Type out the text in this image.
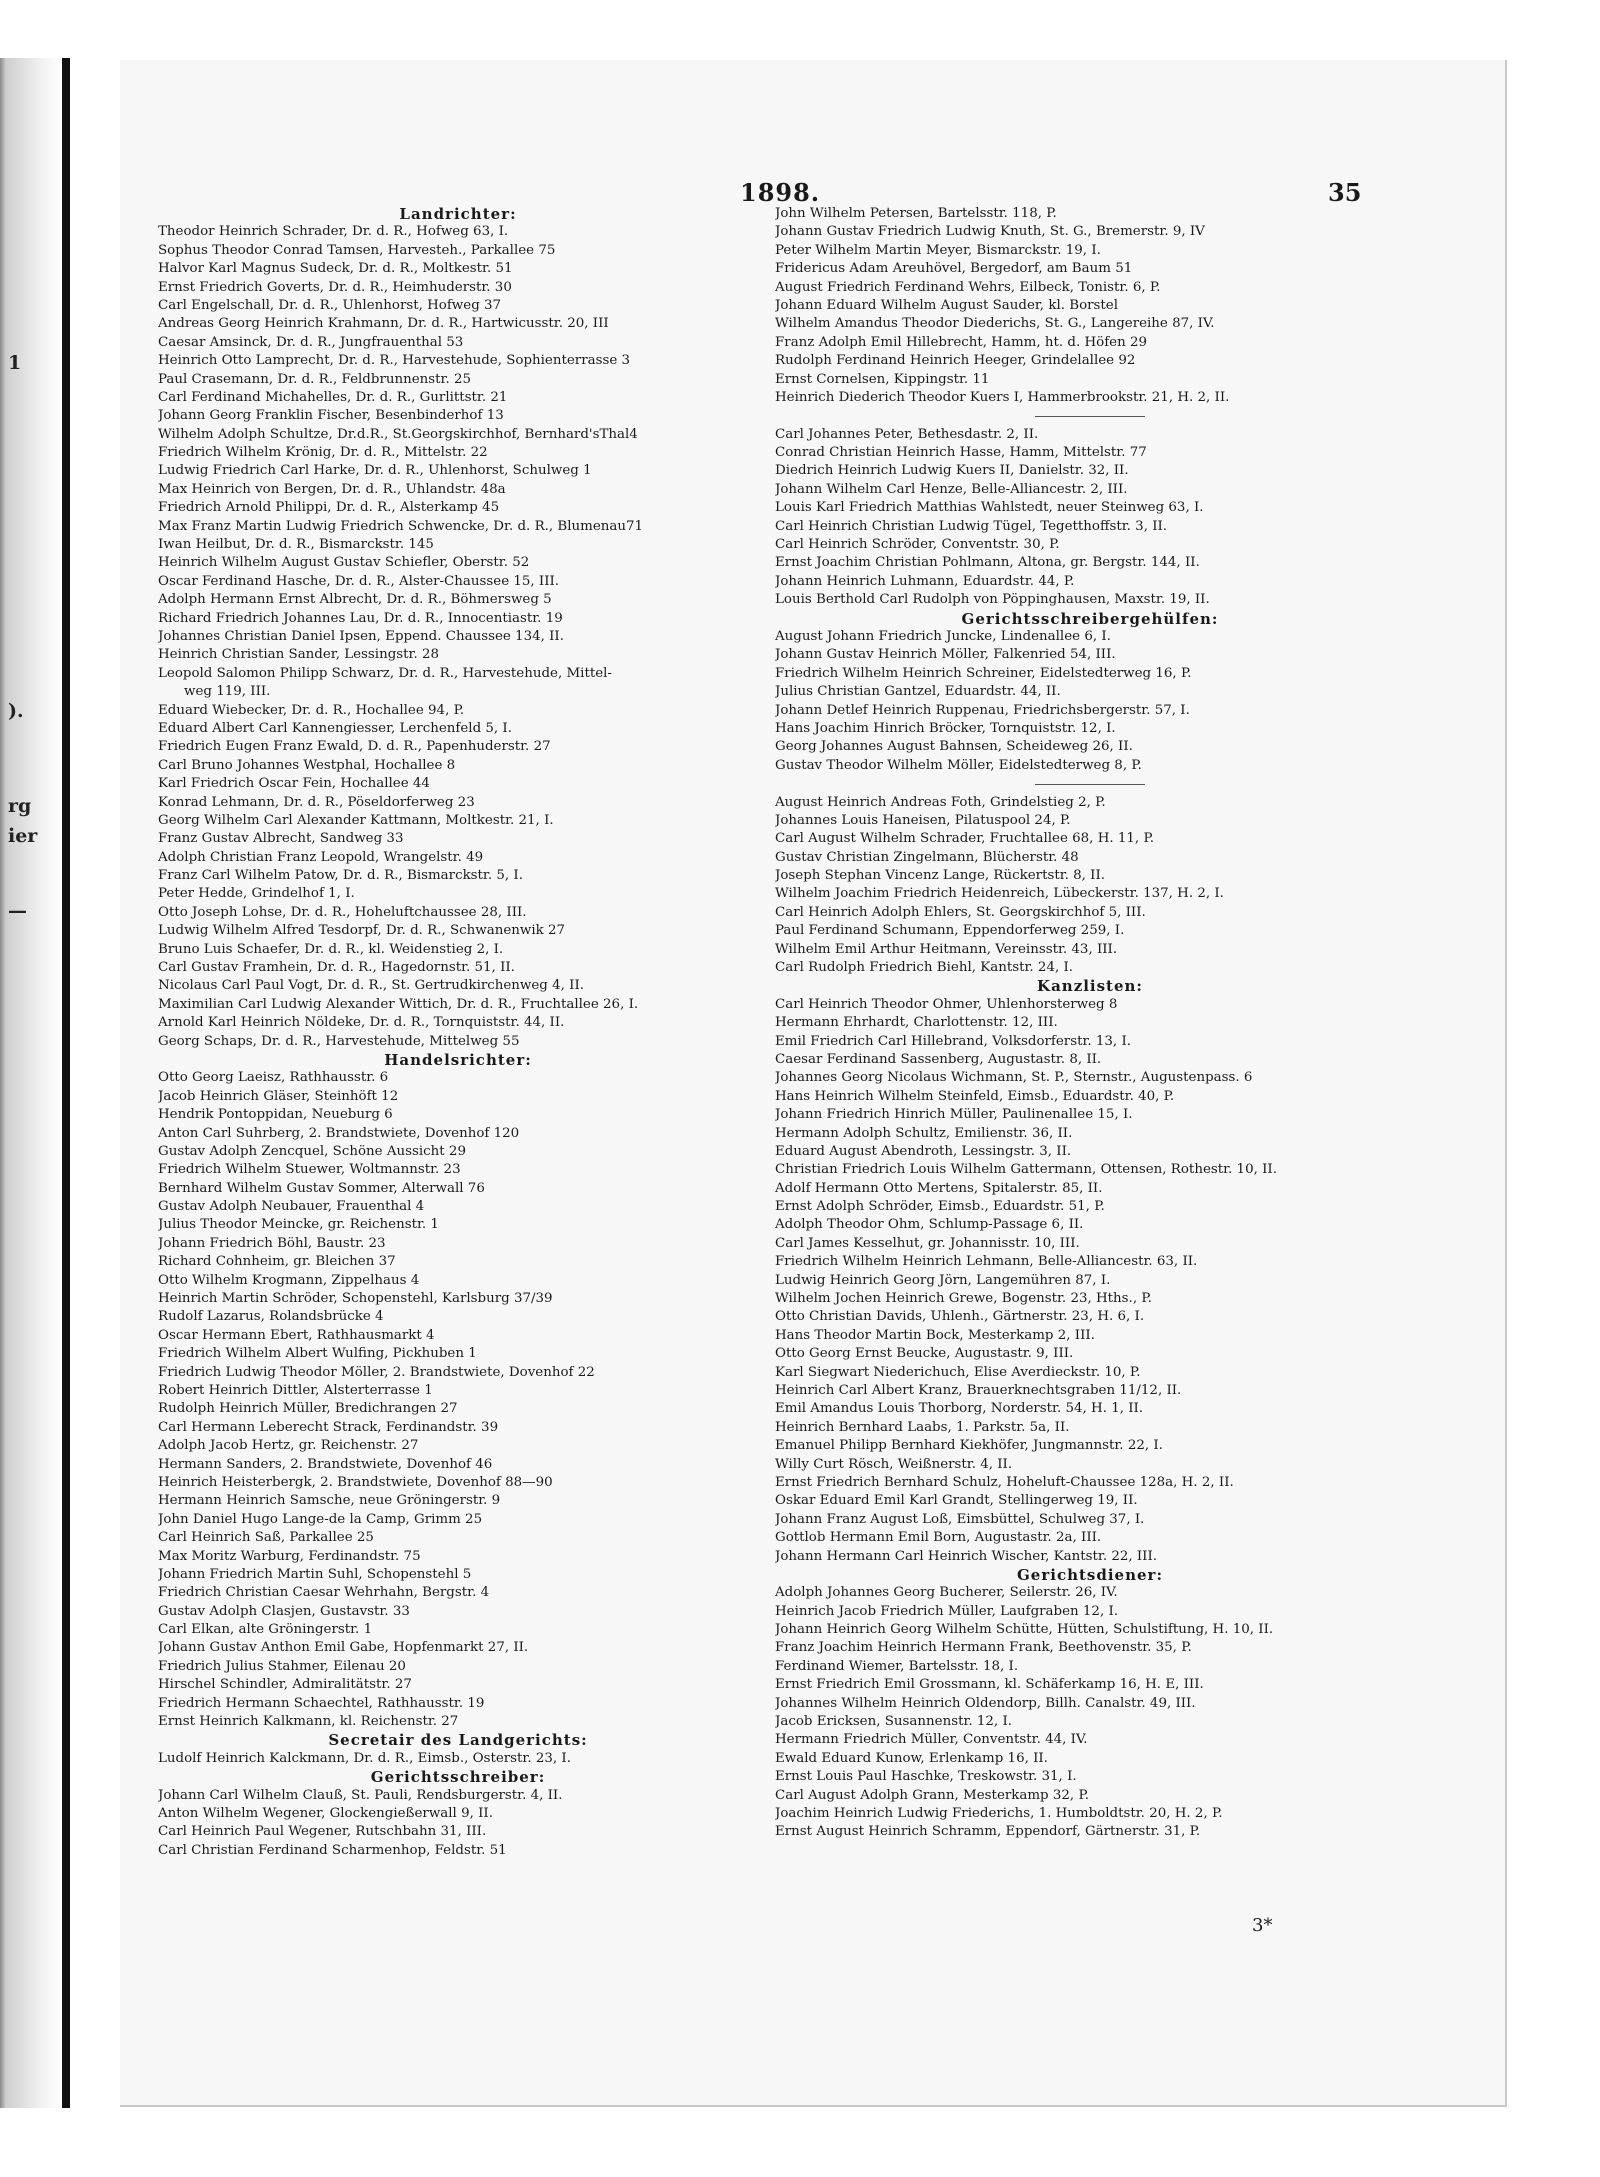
1
).
rg
ier
—
1898.	35
Landrichter:
Theodor Heinrich Schrader, Dr. d. R., Hofweg 63, I.
Sophus Theodor Conrad Tamsen, Harvesteh., Parkallee 75
Halvor Karl Magnus Sudeck, Dr. d. R., Moltkestr. 51
Ernst Friedrich Goverts, Dr. d. R., Heimhuderstr. 30
Carl Engelschall, Dr. d. R., Uhlenhorst, Hofweg 37
Andreas Georg Heinrich Krahmann, Dr. d. R., Hartwicusstr. 20, III
Caesar Amsinck, Dr. d. R., Jungfrauenthal 53
Heinrich Otto Lamprecht, Dr. d. R., Harvestehude, Sophienterrasse 3
Paul Crasemann, Dr. d. R., Feldbrunnenstr. 25
Carl Ferdinand Michahelles, Dr. d. R., Gurlittstr. 21
Johann Georg Franklin Fischer, Besenbinderhof 13
Wilhelm Adolph Schultze, Dr.d.R., St.Georgskirchhof, Bernhard'sThal4
Friedrich Wilhelm Krönig, Dr. d. R., Mittelstr. 22
Ludwig Friedrich Carl Harke, Dr. d. R., Uhlenhorst, Schulweg 1
Max Heinrich von Bergen, Dr. d. R., Uhlandstr. 48a
Friedrich Arnold Philippi, Dr. d. R., Alsterkamp 45
Max Franz Martin Ludwig Friedrich Schwencke, Dr. d. R., Blumenau71
Iwan Heilbut, Dr. d. R., Bismarckstr. 145
Heinrich Wilhelm August Gustav Schiefler, Oberstr. 52
Oscar Ferdinand Hasche, Dr. d. R., Alster-Chaussee 15, III.
Adolph Hermann Ernst Albrecht, Dr. d. R., Böhmersweg 5
Richard Friedrich Johannes Lau, Dr. d. R., Innocentiastr. 19
Johannes Christian Daniel Ipsen, Eppend. Chaussee 134, II.
Heinrich Christian Sander, Lessingstr. 28
Leopold Salomon Philipp Schwarz, Dr. d. R., Harvestehude, Mittel-
weg 119, III.
Eduard Wiebecker, Dr. d. R., Hochallee 94, P.
Eduard Albert Carl Kannengiesser, Lerchenfeld 5, I.
Friedrich Eugen Franz Ewald, D. d. R., Papenhuderstr. 27
Carl Bruno Johannes Westphal, Hochallee 8
Karl Friedrich Oscar Fein, Hochallee 44
Konrad Lehmann, Dr. d. R., Pöseldorferweg 23
Georg Wilhelm Carl Alexander Kattmann, Moltkestr. 21, I.
Franz Gustav Albrecht, Sandweg 33
Adolph Christian Franz Leopold, Wrangelstr. 49
Franz Carl Wilhelm Patow, Dr. d. R., Bismarckstr. 5, I.
Peter Hedde, Grindelhof 1, I.
Otto Joseph Lohse, Dr. d. R., Hoheluftchaussee 28, III.
Ludwig Wilhelm Alfred Tesdorpf, Dr. d. R., Schwanenwik 27
Bruno Luis Schaefer, Dr. d. R., kl. Weidenstieg 2, I.
Carl Gustav Framhein, Dr. d. R., Hagedornstr. 51, II.
Nicolaus Carl Paul Vogt, Dr. d. R., St. Gertrudkirchenweg 4, II.
Maximilian Carl Ludwig Alexander Wittich, Dr. d. R., Fruchtallee 26, I.
Arnold Karl Heinrich Nöldeke, Dr. d. R., Tornquiststr. 44, II.
Georg Schaps, Dr. d. R., Harvestehude, Mittelweg 55
Handelsrichter:
Otto Georg Laeisz, Rathhausstr. 6
Jacob Heinrich Gläser, Steinhöft 12
Hendrik Pontoppidan, Neueburg 6
Anton Carl Suhrberg, 2. Brandstwiete, Dovenhof 120
Gustav Adolph Zencquel, Schöne Aussicht 29
Friedrich Wilhelm Stuewer, Woltmannstr. 23
Bernhard Wilhelm Gustav Sommer, Alterwall 76
Gustav Adolph Neubauer, Frauenthal 4
Julius Theodor Meincke, gr. Reichenstr. 1
Johann Friedrich Böhl, Baustr. 23
Richard Cohnheim, gr. Bleichen 37
Otto Wilhelm Krogmann, Zippelhaus 4
Heinrich Martin Schröder, Schopenstehl, Karlsburg 37/39
Rudolf Lazarus, Rolandsbrücke 4
Oscar Hermann Ebert, Rathhausmarkt 4
Friedrich Wilhelm Albert Wulfing, Pickhuben 1
Friedrich Ludwig Theodor Möller, 2. Brandstwiete, Dovenhof 22
Robert Heinrich Dittler, Alsterterrasse 1
Rudolph Heinrich Müller, Bredichrangen 27
Carl Hermann Leberecht Strack, Ferdinandstr. 39
Adolph Jacob Hertz, gr. Reichenstr. 27
Hermann Sanders, 2. Brandstwiete, Dovenhof 46
Heinrich Heisterbergk, 2. Brandstwiete, Dovenhof 88—90
Hermann Heinrich Samsche, neue Gröningerstr. 9
John Daniel Hugo Lange-de la Camp, Grimm 25
Carl Heinrich Saß, Parkallee 25
Max Moritz Warburg, Ferdinandstr. 75
Johann Friedrich Martin Suhl, Schopenstehl 5
Friedrich Christian Caesar Wehrhahn, Bergstr. 4
Gustav Adolph Clasjen, Gustavstr. 33
Carl Elkan, alte Gröningerstr. 1
Johann Gustav Anthon Emil Gabe, Hopfenmarkt 27, II.
Friedrich Julius Stahmer, Eilenau 20
Hirschel Schindler, Admiralitätstr. 27
Friedrich Hermann Schaechtel, Rathhausstr. 19
Ernst Heinrich Kalkmann, kl. Reichenstr. 27
Secretair des Landgerichts:
Ludolf Heinrich Kalckmann, Dr. d. R., Eimsb., Osterstr. 23, I.
Gerichtsschreiber:
Johann Carl Wilhelm Clauß, St. Pauli, Rendsburgerstr. 4, II.
Anton Wilhelm Wegener, Glockengießerwall 9, II.
Carl Heinrich Paul Wegener, Rutschbahn 31, III.
Carl Christian Ferdinand Scharmenhop, Feldstr. 51
John Wilhelm Petersen, Bartelsstr. 118, P.
Johann Gustav Friedrich Ludwig Knuth, St. G., Bremerstr. 9, IV
Peter Wilhelm Martin Meyer, Bismarckstr. 19, I.
Fridericus Adam Areuhövel, Bergedorf, am Baum 51
August Friedrich Ferdinand Wehrs, Eilbeck, Tonistr. 6, P.
Johann Eduard Wilhelm August Sauder, kl. Borstel
Wilhelm Amandus Theodor Diederichs, St. G., Langereihe 87, IV.
Franz Adolph Emil Hillebrecht, Hamm, ht. d. Höfen 29
Rudolph Ferdinand Heinrich Heeger, Grindelallee 92
Ernst Cornelsen, Kippingstr. 11
Heinrich Diederich Theodor Kuers I, Hammerbrookstr. 21, H. 2, II.
Carl Johannes Peter, Bethesdastr. 2, II.
Conrad Christian Heinrich Hasse, Hamm, Mittelstr. 77
Diedrich Heinrich Ludwig Kuers II, Danielstr. 32, II.
Johann Wilhelm Carl Henze, Belle-Alliancestr. 2, III.
Louis Karl Friedrich Matthias Wahlstedt, neuer Steinweg 63, I.
Carl Heinrich Christian Ludwig Tügel, Tegetthoffstr. 3, II.
Carl Heinrich Schröder, Conventstr. 30, P.
Ernst Joachim Christian Pohlmann, Altona, gr. Bergstr. 144, II.
Johann Heinrich Luhmann, Eduardstr. 44, P.
Louis Berthold Carl Rudolph von Pöppinghausen, Maxstr. 19, II.
Gerichtsschreibergehülfen:
August Johann Friedrich Juncke, Lindenallee 6, I.
Johann Gustav Heinrich Möller, Falkenried 54, III.
Friedrich Wilhelm Heinrich Schreiner, Eidelstedterweg 16, P.
Julius Christian Gantzel, Eduardstr. 44, II.
Johann Detlef Heinrich Ruppenau, Friedrichsbergerstr. 57, I.
Hans Joachim Hinrich Bröcker, Tornquiststr. 12, I.
Georg Johannes August Bahnsen, Scheideweg 26, II.
Gustav Theodor Wilhelm Möller, Eidelstedterweg 8, P.
August Heinrich Andreas Foth, Grindelstieg 2, P.
Johannes Louis Haneisen, Pilatuspool 24, P.
Carl August Wilhelm Schrader, Fruchtallee 68, H. 11, P.
Gustav Christian Zingelmann, Blücherstr. 48
Joseph Stephan Vincenz Lange, Rückertstr. 8, II.
Wilhelm Joachim Friedrich Heidenreich, Lübeckerstr. 137, H. 2, I.
Carl Heinrich Adolph Ehlers, St. Georgskirchhof 5, III.
Paul Ferdinand Schumann, Eppendorferweg 259, I.
Wilhelm Emil Arthur Heitmann, Vereinsstr. 43, III.
Carl Rudolph Friedrich Biehl, Kantstr. 24, I.
Kanzlisten:
Carl Heinrich Theodor Ohmer, Uhlenhorsterweg 8
Hermann Ehrhardt, Charlottenstr. 12, III.
Emil Friedrich Carl Hillebrand, Volksdorferstr. 13, I.
Caesar Ferdinand Sassenberg, Augustastr. 8, II.
Johannes Georg Nicolaus Wichmann, St. P., Sternstr., Augustenpass. 6
Hans Heinrich Wilhelm Steinfeld, Eimsb., Eduardstr. 40, P.
Johann Friedrich Hinrich Müller, Paulinenallee 15, I.
Hermann Adolph Schultz, Emilienstr. 36, II.
Eduard August Abendroth, Lessingstr. 3, II.
Christian Friedrich Louis Wilhelm Gattermann, Ottensen, Rothestr. 10, II.
Adolf Hermann Otto Mertens, Spitalerstr. 85, II.
Ernst Adolph Schröder, Eimsb., Eduardstr. 51, P.
Adolph Theodor Ohm, Schlump-Passage 6, II.
Carl James Kesselhut, gr. Johannisstr. 10, III.
Friedrich Wilhelm Heinrich Lehmann, Belle-Alliancestr. 63, II.
Ludwig Heinrich Georg Jörn, Langemühren 87, I.
Wilhelm Jochen Heinrich Grewe, Bogenstr. 23, Hths., P.
Otto Christian Davids, Uhlenh., Gärtnerstr. 23, H. 6, I.
Hans Theodor Martin Bock, Mesterkamp 2, III.
Otto Georg Ernst Beucke, Augustastr. 9, III.
Karl Siegwart Niederichuch, Elise Averdieckstr. 10, P.
Heinrich Carl Albert Kranz, Brauerknechtsgraben 11/12, II.
Emil Amandus Louis Thorborg, Norderstr. 54, H. 1, II.
Heinrich Bernhard Laabs, 1. Parkstr. 5a, II.
Emanuel Philipp Bernhard Kiekhöfer, Jungmannstr. 22, I.
Willy Curt Rösch, Weißnerstr. 4, II.
Ernst Friedrich Bernhard Schulz, Hoheluft-Chaussee 128a, H. 2, II.
Oskar Eduard Emil Karl Grandt, Stellingerweg 19, II.
Johann Franz August Loß, Eimsbüttel, Schulweg 37, I.
Gottlob Hermann Emil Born, Augustastr. 2a, III.
Johann Hermann Carl Heinrich Wischer, Kantstr. 22, III.
Gerichtsdiener:
Adolph Johannes Georg Bucherer, Seilerstr. 26, IV.
Heinrich Jacob Friedrich Müller, Laufgraben 12, I.
Johann Heinrich Georg Wilhelm Schütte, Hütten, Schulstiftung, H. 10, II.
Franz Joachim Heinrich Hermann Frank, Beethovenstr. 35, P.
Ferdinand Wiemer, Bartelsstr. 18, I.
Ernst Friedrich Emil Grossmann, kl. Schäferkamp 16, H. E, III.
Johannes Wilhelm Heinrich Oldendorp, Billh. Canalstr. 49, III.
Jacob Ericksen, Susannenstr. 12, I.
Hermann Friedrich Müller, Conventstr. 44, IV.
Ewald Eduard Kunow, Erlenkamp 16, II.
Ernst Louis Paul Haschke, Treskowstr. 31, I.
Carl August Adolph Grann, Mesterkamp 32, P.
Joachim Heinrich Ludwig Friederichs, 1. Humboldtstr. 20, H. 2, P.
Ernst August Heinrich Schramm, Eppendorf, Gärtnerstr. 31, P.
3*
